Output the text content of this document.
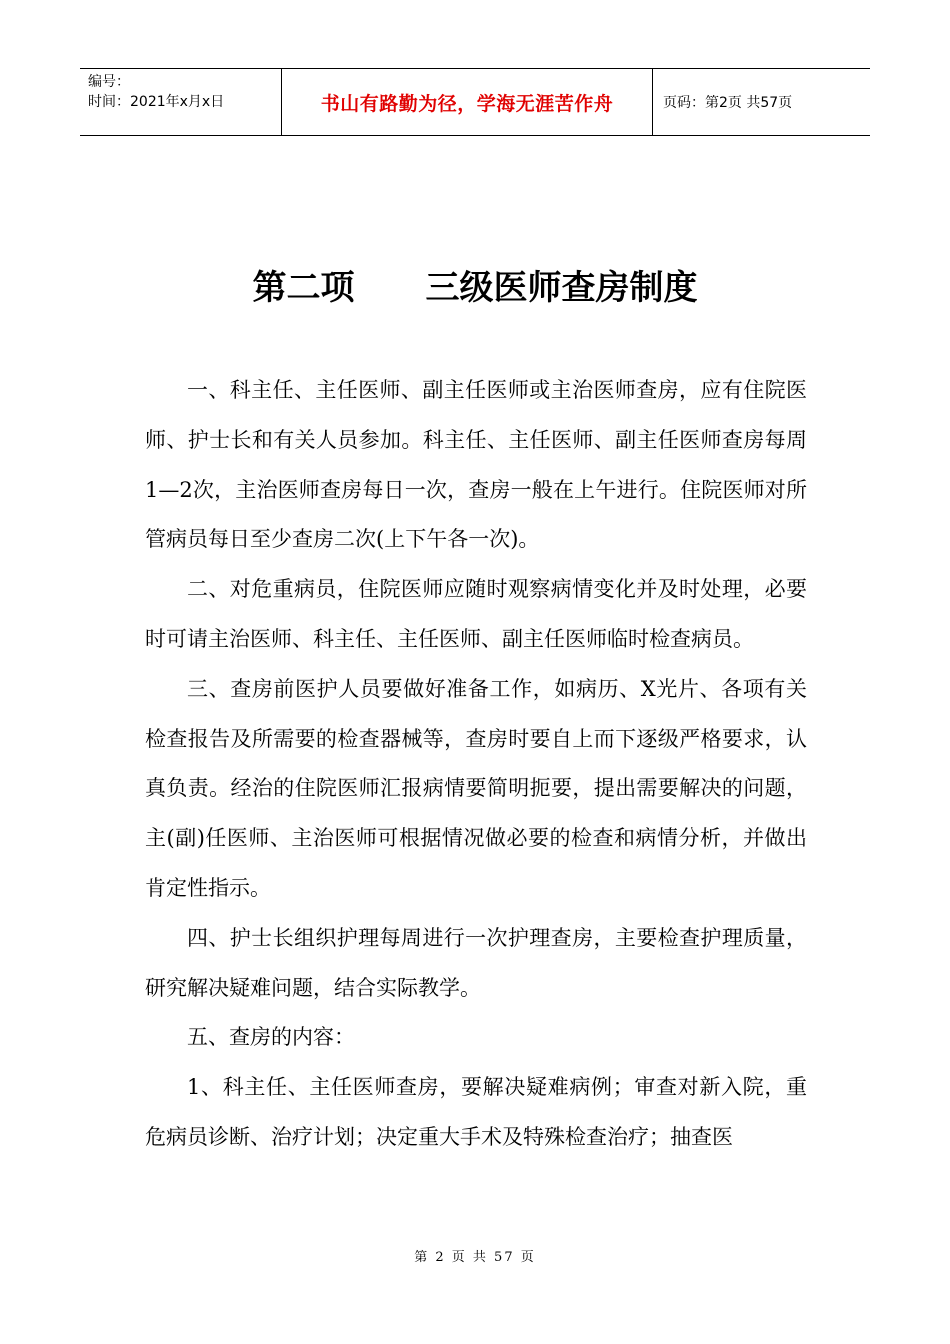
编号：
时间：2021年x月x日	书山有路勤为径，学海无涯苦作舟	页码：第2页 共57页
第二项      三级医师查房制度

一、科主任、主任医师、副主任医师或主治医师查房，应有住院医师、护士长和有关人员参加。科主任、主任医师、副主任医师查房每周1—2次，主治医师查房每日一次，查房一般在上午进行。住院医师对所管病员每日至少查房二次(上下午各一次)。

二、对危重病员，住院医师应随时观察病情变化并及时处理，必要时可请主治医师、科主任、主任医师、副主任医师临时检查病员。

三、查房前医护人员要做好准备工作，如病历、X光片、各项有关检查报告及所需要的检查器械等，查房时要自上而下逐级严格要求，认真负责。经治的住院医师汇报病情要简明扼要，提出需要解决的问题，主(副)任医师、主治医师可根据情况做必要的检查和病情分析，并做出肯定性指示。

四、护士长组织护理每周进行一次护理查房，主要检查护理质量，研究解决疑难问题，结合实际教学。

五、查房的内容：

1、科主任、主任医师查房，要解决疑难病例；审查对新入院，重危病员诊断、治疗计划；决定重大手术及特殊检查治疗；抽查医

第 2 页 共 57 页
